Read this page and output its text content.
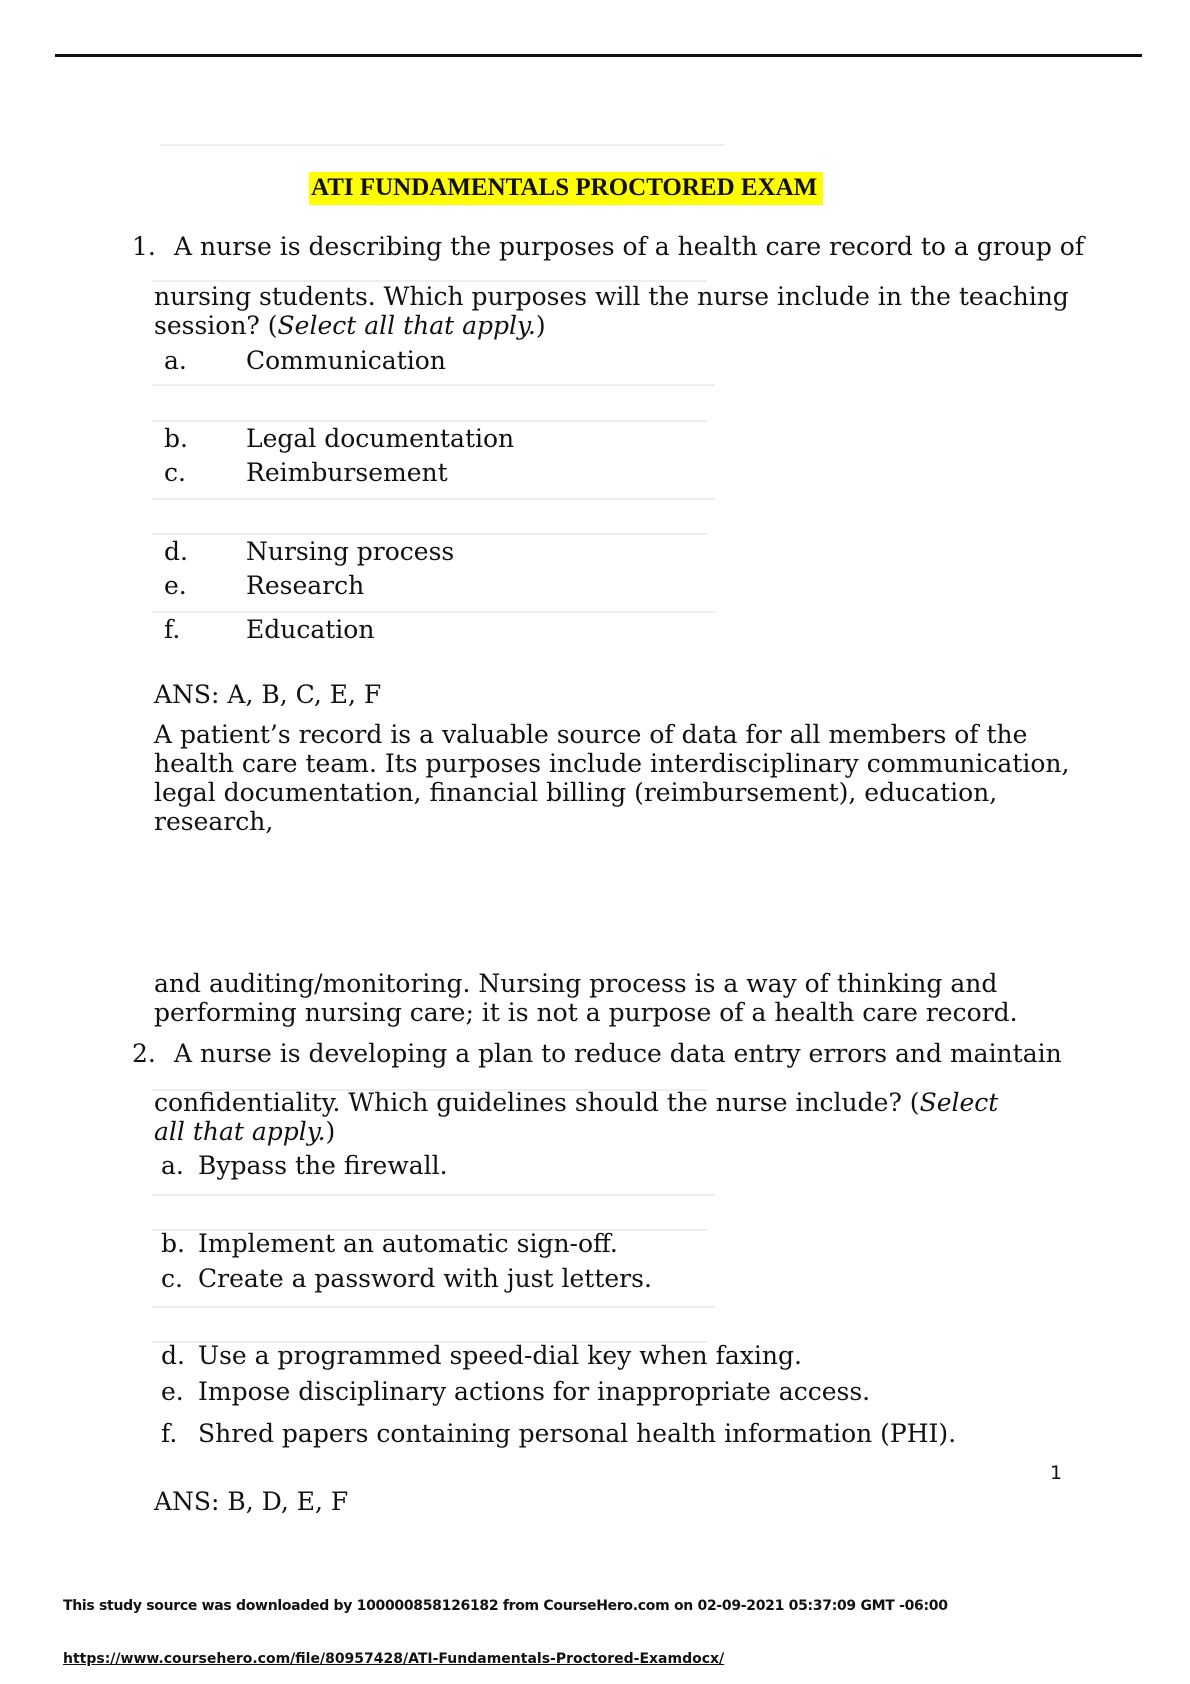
ATI FUNDAMENTALS PROCTORED EXAM
1. A nurse is describing the purposes of a health care record to a group of
nursing students. Which purposes will the nurse include in the teaching
session? (Select all that apply.)
a. Communication
b. Legal documentation
c. Reimbursement
d. Nursing process
e. Research
f.	Education
ANS: A, B, C, E, F
A patient’s record is a valuable source of data for all members of the
health care team. Its purposes include interdisciplinary communication,
legal documentation, financial billing (reimbursement), education,
research,
and auditing/monitoring. Nursing process is a way of thinking and
performing nursing care; it is not a purpose of a health care record.
2. A nurse is developing a plan to reduce data entry errors and maintain
confidentiality. Which guidelines should the nurse include? (Select
all that apply.)
a. Bypass the firewall.
b. Implement an automatic sign-off.
c. Create a password with just letters.
d. Use a programmed speed-dial key when faxing.
e. Impose disciplinary actions for inappropriate access.
f. Shred papers containing personal health information (PHI).
ANS: B, D, E, F
1
This study source was downloaded by 100000858126182 from CourseHero.com on 02-09-2021 05:37:09 GMT -06:00
https://www.coursehero.com/file/80957428/ATI-Fundamentals-Proctored-Examdocx/
